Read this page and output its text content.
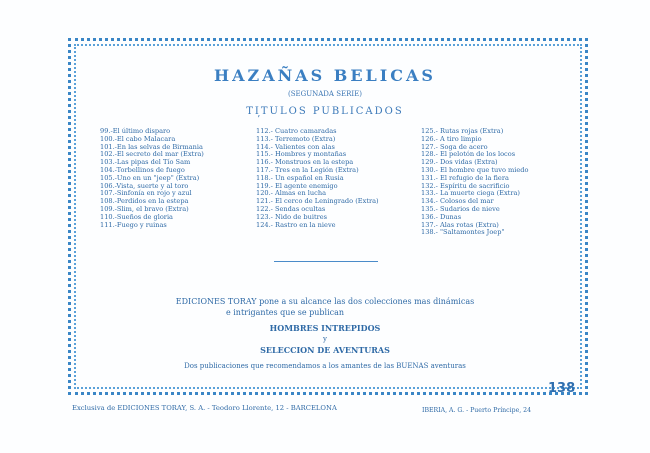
HAZAÑAS BELICAS
(SEGUNADA SERIE)
TITULOS PUBLICADOS
ʼ
99.-El último disparo
100.-El cabo Malacara
101.-En las selvas de Birmania
102.-El secreto del mar (Extra)
103.-Las pipas del Tío Sam
104.-Torbellinos de fuego
105.-Uno en un "jeep" (Extra)
106.-Vista, suerte y al toro
107.-Sinfonía en rojo y azul
108.-Perdidos en la estepa
109.-Slim, el bravo (Extra)
110.-Sueños de gloria
111.-Fuego y ruinas
112.- Cuatro camaradas
113.- Terremoto (Extra)
114.- Valientes con alas
115.- Hombres y montañas
116.- Monstruos en la estepa
117.- Tres en la Legión (Extra)
118.- Un español en Rusia
119.- El agente enemigo
120.- Almas en lucha
121.- El cerco de Leningrado (Extra)
122.- Sendas ocultas
123.- Nido de buitres
124.- Rastro en la nieve
125.- Rutas rojas (Extra)
126.- A tiro limpio
127.- Soga de acero
128.- El pelotón de los locos
129.- Dos vidas (Extra)
130.- El hombre que tuvo miedo
131.- El refugio de la fiera
132.- Espíritu de sacrificio
133.- La muerte ciega (Extra)
134.- Colosos del mar
135.- Sudarios de nieve
136.- Dunas
137.- Alas rotas (Extra)
138.- "Saltamontes Joep"
EDICIONES TORAY pone a su alcance las dos colecciones mas dinámicas
e intrigantes que se publican
HOMBRES INTREPIDOS
y
SELECCION DE AVENTURAS
Dos publicaciones que recomendamos a los amantes de las BUENAS aventuras
138
Exclusiva de EDICIONES TORAY, S. A. - Teodoro Llorente, 12 - BARCELONA	IBERIA, A. G. - Puerto Príncipe, 24
